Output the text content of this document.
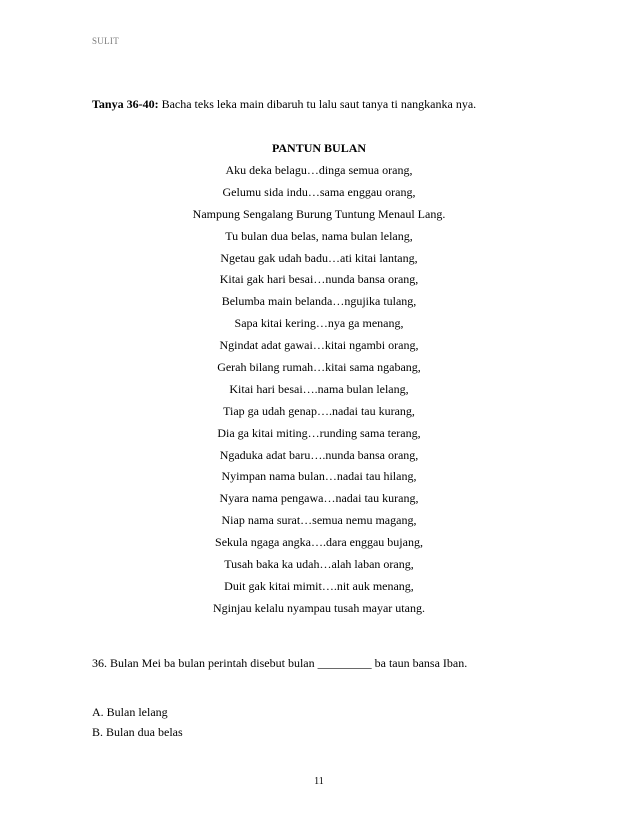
SULIT
Tanya 36-40: Bacha teks leka main dibaruh tu lalu saut tanya ti nangkanka nya.
PANTUN BULAN
Aku deka belagu…dinga semua orang,
Gelumu sida indu…sama enggau orang,
Nampung Sengalang Burung Tuntung Menaul Lang.
Tu bulan dua belas, nama bulan lelang,
Ngetau gak udah badu…ati kitai lantang,
Kitai gak hari besai…nunda bansa orang,
Belumba main belanda…ngujika tulang,
Sapa kitai kering…nya ga menang,
Ngindat adat gawai…kitai ngambi orang,
Gerah bilang rumah…kitai sama ngabang,
Kitai hari besai….nama bulan lelang,
Tiap ga udah genap….nadai tau kurang,
Dia ga kitai miting…runding sama terang,
Ngaduka adat baru….nunda bansa orang,
Nyimpan nama bulan…nadai tau hilang,
Nyara nama pengawa…nadai tau kurang,
Niap nama surat…semua nemu magang,
Sekula ngaga angka….dara enggau bujang,
Tusah baka ka udah…alah laban orang,
Duit gak kitai mimit….nit auk menang,
Nginjau kelalu nyampau tusah mayar utang.
36. Bulan Mei ba bulan perintah disebut bulan _________ ba taun bansa Iban.
A. Bulan lelang
B. Bulan dua belas
11
